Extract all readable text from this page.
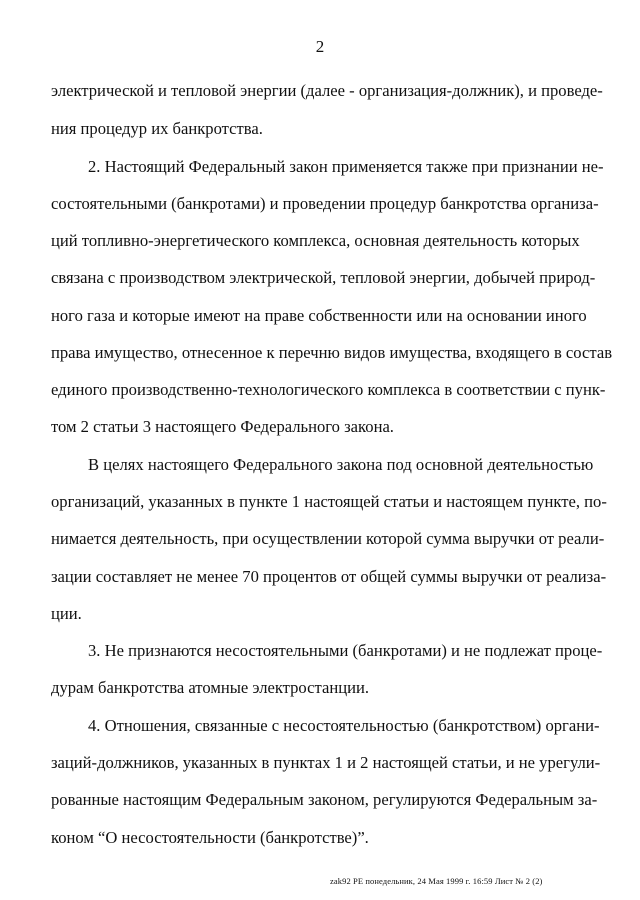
2
электрической и тепловой энергии (далее - организация-должник), и проведе-
ния процедур их банкротства.
2. Настоящий Федеральный закон применяется также при признании не-
состоятельными (банкротами) и проведении процедур банкротства организа-
ций топливно-энергетического комплекса, основная деятельность которых
связана с производством электрической, тепловой энергии, добычей природ-
ного газа и которые имеют на праве собственности или на основании иного
права имущество, отнесенное к перечню видов имущества, входящего в состав
единого производственно-технологического комплекса в соответствии с пунк-
том 2 статьи 3 настоящего Федерального закона.
В целях настоящего Федерального закона под основной деятельностью
организаций, указанных в пункте 1 настоящей статьи и настоящем пункте, по-
нимается деятельность, при осуществлении которой сумма выручки от реали-
зации составляет не менее 70 процентов от общей суммы выручки от реализа-
ции.
3. Не признаются несостоятельными (банкротами) и не подлежат проце-
дурам банкротства атомные электростанции.
4. Отношения, связанные с несостоятельностью (банкротством) органи-
заций-должников, указанных в пунктах 1 и 2 настоящей статьи, и не урегули-
рованные настоящим Федеральным законом, регулируются Федеральным за-
коном “О несостоятельности (банкротстве)”.
zak92 PE понедельник, 24 Мая 1999 г. 16:59 Лист № 2 (2)
